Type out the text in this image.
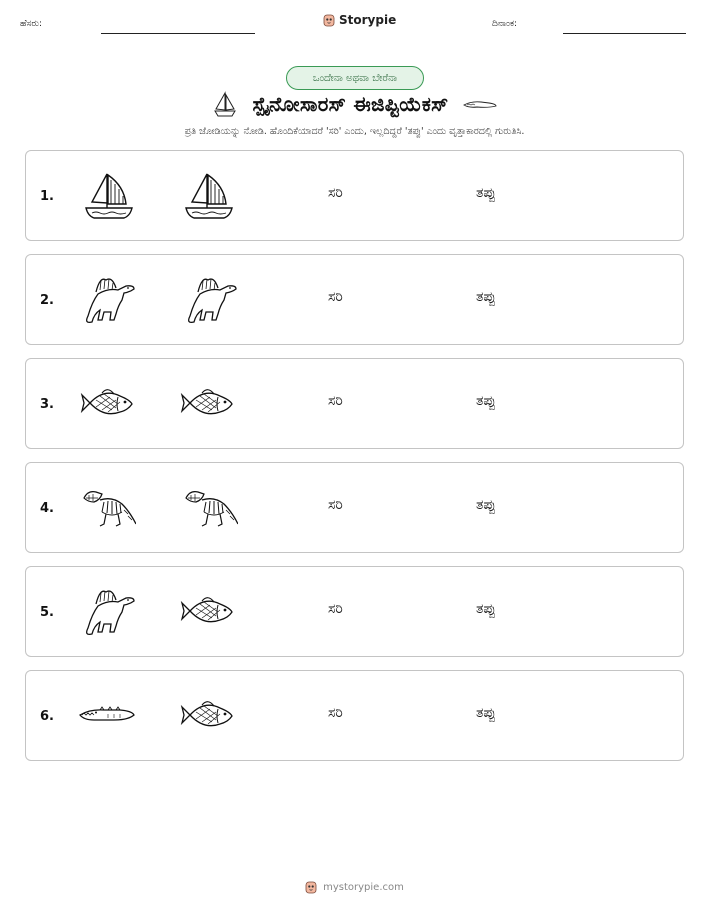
ಹೆಸರು:	Storypie	ದಿನಾಂಕ:
ಒಂದೇನಾ ಅಥವಾ ಬೇರೆನಾ
ಸ್ಪೈನೋಸಾರಸ್ ಈಜಿಪ್ಟಿಯೆಕಸ್
ಪ್ರತಿ ಜೋಡಿಯನ್ನು ನೋಡಿ. ಹೊಂದಿಕೆಯಾದರೆ 'ಸರಿ' ಎಂದು, ಇಲ್ಲದಿದ್ದರೆ 'ತಪ್ಪು' ಎಂದು ವೃತ್ತಾಕಾರದಲ್ಲಿ ಗುರುತಿಸಿ.
1.	ಸರಿ	ತಪ್ಪು
2.	ಸರಿ	ತಪ್ಪು
3.	ಸರಿ	ತಪ್ಪು
4.	ಸರಿ	ತಪ್ಪು
5.	ಸರಿ	ತಪ್ಪು
6.	ಸರಿ	ತಪ್ಪು
mystorypie.com
